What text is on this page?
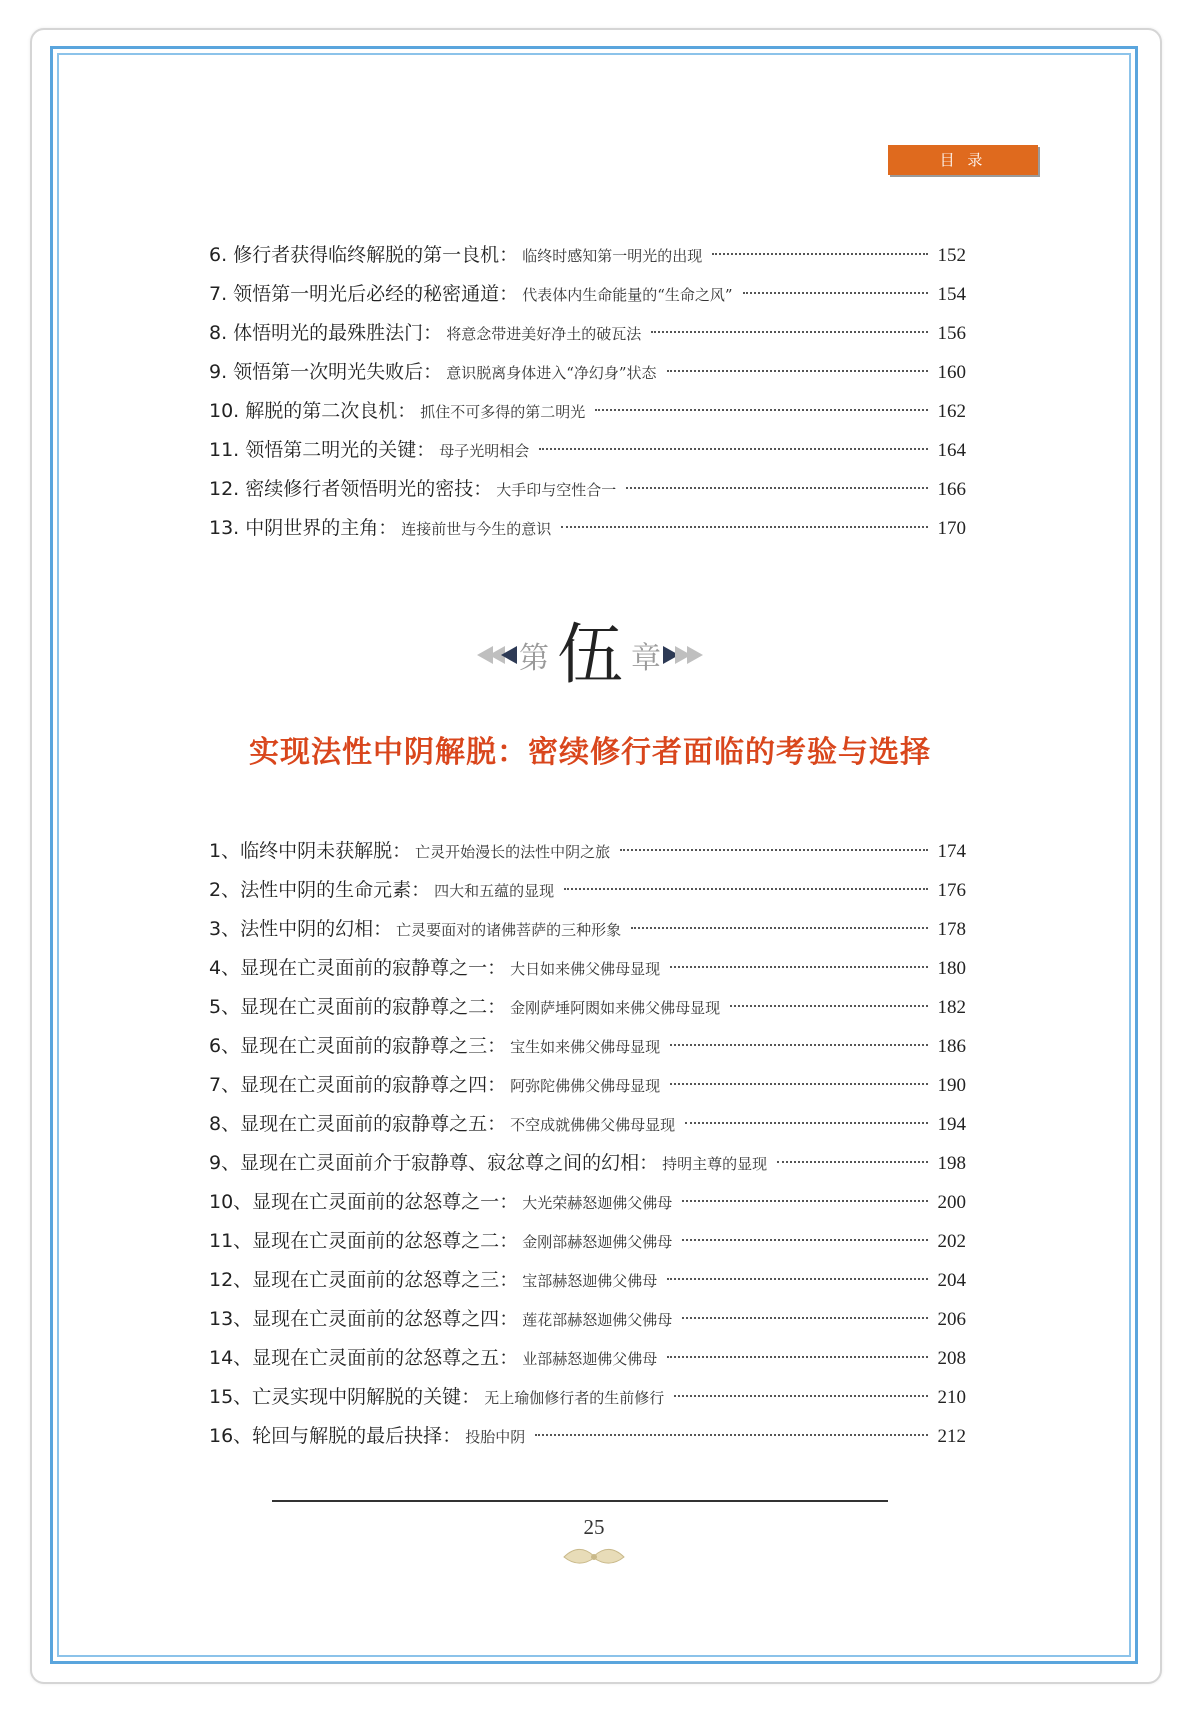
目 录
6. 修行者获得临终解脱的第一良机 ： 临终时感知第一明光的出现	152
7. 领悟第一明光后必经的秘密通道 ： 代表体内生命能量的“生命之风”	154
8. 体悟明光的最殊胜法门 ： 将意念带进美好净土的破瓦法	156
9. 领悟第一次明光失败后 ： 意识脱离身体进入“净幻身”状态	160
10. 解脱的第二次良机 ： 抓住不可多得的第二明光	162
11. 领悟第二明光的关键 ： 母子光明相会	164
12. 密续修行者领悟明光的密技 ： 大手印与空性合一	166
13. 中阴世界的主角 ： 连接前世与今生的意识	170
第 伍 章
实现法性中阴解脱：密续修行者面临的考验与选择
1、临终中阴未获解脱 ： 亡灵开始漫长的法性中阴之旅	174
2、法性中阴的生命元素 ： 四大和五蕴的显现	176
3、法性中阴的幻相 ： 亡灵要面对的诸佛菩萨的三种形象	178
4、显现在亡灵面前的寂静尊之一 ： 大日如来佛父佛母显现	180
5、显现在亡灵面前的寂静尊之二 ： 金刚萨埵阿閦如来佛父佛母显现	182
6、显现在亡灵面前的寂静尊之三 ： 宝生如来佛父佛母显现	186
7、显现在亡灵面前的寂静尊之四 ： 阿弥陀佛佛父佛母显现	190
8、显现在亡灵面前的寂静尊之五 ： 不空成就佛佛父佛母显现	194
9、显现在亡灵面前介于寂静尊、寂忿尊之间的幻相 ： 持明主尊的显现	198
10、显现在亡灵面前的忿怒尊之一 ： 大光荣赫怒迦佛父佛母	200
11、显现在亡灵面前的忿怒尊之二 ： 金刚部赫怒迦佛父佛母	202
12、显现在亡灵面前的忿怒尊之三 ： 宝部赫怒迦佛父佛母	204
13、显现在亡灵面前的忿怒尊之四 ： 莲花部赫怒迦佛父佛母	206
14、显现在亡灵面前的忿怒尊之五 ： 业部赫怒迦佛父佛母	208
15、亡灵实现中阴解脱的关键 ： 无上瑜伽修行者的生前修行	210
16、轮回与解脱的最后抉择 ： 投胎中阴	212
25
